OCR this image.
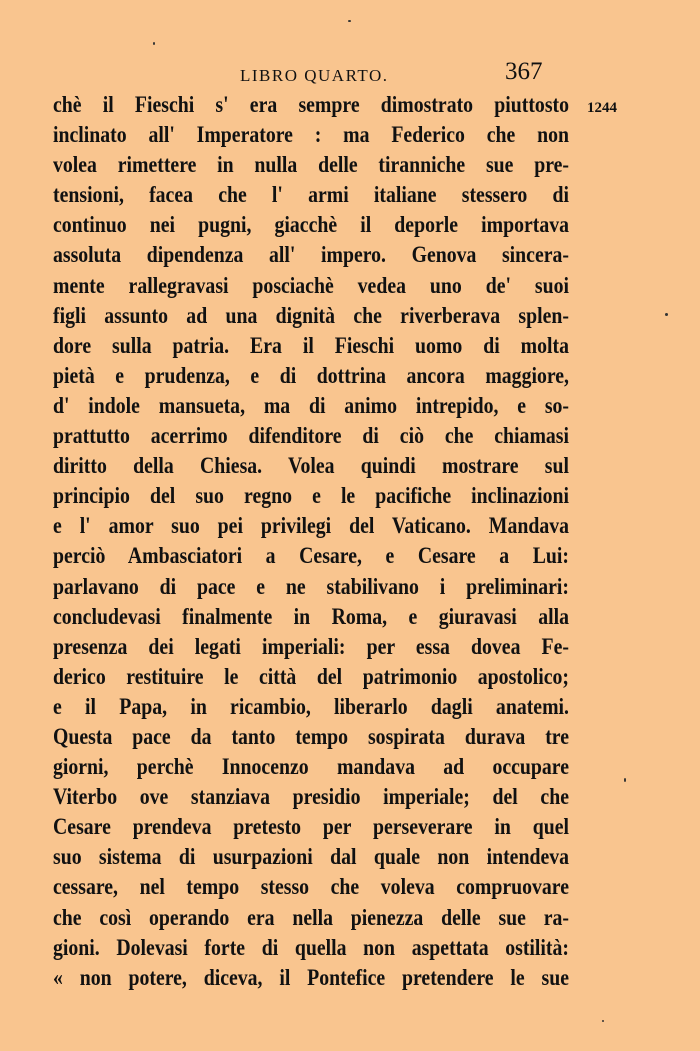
LIBRO QUARTO.	367
1244
chè il Fieschi s' era sempre dimostrato piuttosto
inclinato all' Imperatore : ma Federico che non
volea rimettere in nulla delle tiranniche sue pre-
tensioni, facea che l' armi italiane stessero di
continuo nei pugni, giacchè il deporle importava
assoluta dipendenza all' impero. Genova sincera-
mente rallegravasi posciachè vedea uno de' suoi
figli assunto ad una dignità che riverberava splen-
dore sulla patria. Era il Fieschi uomo di molta
pietà e prudenza, e di dottrina ancora maggiore,
d' indole mansueta, ma di animo intrepido, e so-
prattutto acerrimo difenditore di ciò che chiamasi
diritto della Chiesa. Volea quindi mostrare sul
principio del suo regno e le pacifiche inclinazioni
e l' amor suo pei privilegi del Vaticano. Mandava
perciò Ambasciatori a Cesare, e Cesare a Lui:
parlavano di pace e ne stabilivano i preliminari:
concludevasi finalmente in Roma, e giuravasi alla
presenza dei legati imperiali: per essa dovea Fe-
derico restituire le città del patrimonio apostolico;
e il Papa, in ricambio, liberarlo dagli anatemi.
Questa pace da tanto tempo sospirata durava tre
giorni, perchè Innocenzo mandava ad occupare
Viterbo ove stanziava presidio imperiale; del che
Cesare prendeva pretesto per perseverare in quel
suo sistema di usurpazioni dal quale non intendeva
cessare, nel tempo stesso che voleva compruovare
che così operando era nella pienezza delle sue ra-
gioni. Dolevasi forte di quella non aspettata ostilità:
« non potere, diceva, il Pontefice pretendere le sue
